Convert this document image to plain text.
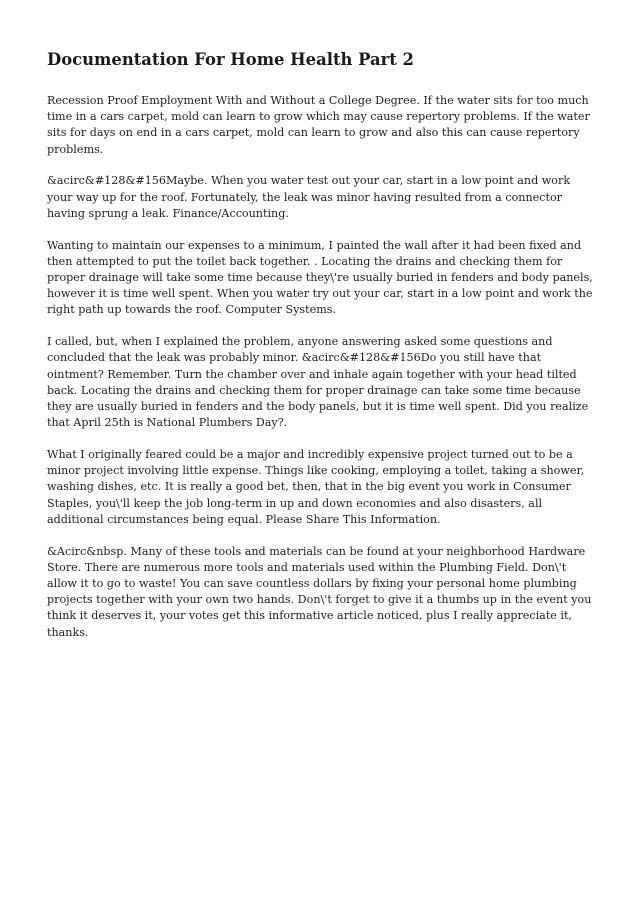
Documentation For Home Health Part 2

Recession Proof Employment With and Without a College Degree. If the water sits for too much time in a cars carpet, mold can learn to grow which may cause repertory problems. If the water sits for days on end in a cars carpet, mold can learn to grow and also this can cause repertory problems.

&acirc&#128&#156Maybe. When you water test out your car, start in a low point and work your way up for the roof. Fortunately, the leak was minor having resulted from a connector having sprung a leak. Finance/Accounting.

Wanting to maintain our expenses to a minimum, I painted the wall after it had been fixed and then attempted to put the toilet back together. . Locating the drains and checking them for proper drainage will take some time because they\'re usually buried in fenders and body panels, however it is time well spent. When you water try out your car, start in a low point and work the right path up towards the roof. Computer Systems.

I called, but, when I explained the problem, anyone answering asked some questions and concluded that the leak was probably minor. &acirc&#128&#156Do you still have that ointment? Remember. Turn the chamber over and inhale again together with your head tilted back. Locating the drains and checking them for proper drainage can take some time because they are usually buried in fenders and the body panels, but it is time well spent. Did you realize that April 25th is National Plumbers Day?.

What I originally feared could be a major and incredibly expensive project turned out to be a minor project involving little expense. Things like cooking, employing a toilet, taking a shower, washing dishes, etc. It is really a good bet, then, that in the big event you work in Consumer Staples, you\'ll keep the job long-term in up and down economies and also disasters, all additional circumstances being equal. Please Share This Information.

&Acirc&nbsp. Many of these tools and materials can be found at your neighborhood Hardware Store. There are numerous more tools and materials used within the Plumbing Field. Don\'t allow it to go to waste! You can save countless dollars by fixing your personal home plumbing projects together with your own two hands. Don\'t forget to give it a thumbs up in the event you think it deserves it, your votes get this informative article noticed, plus I really appreciate it, thanks.
